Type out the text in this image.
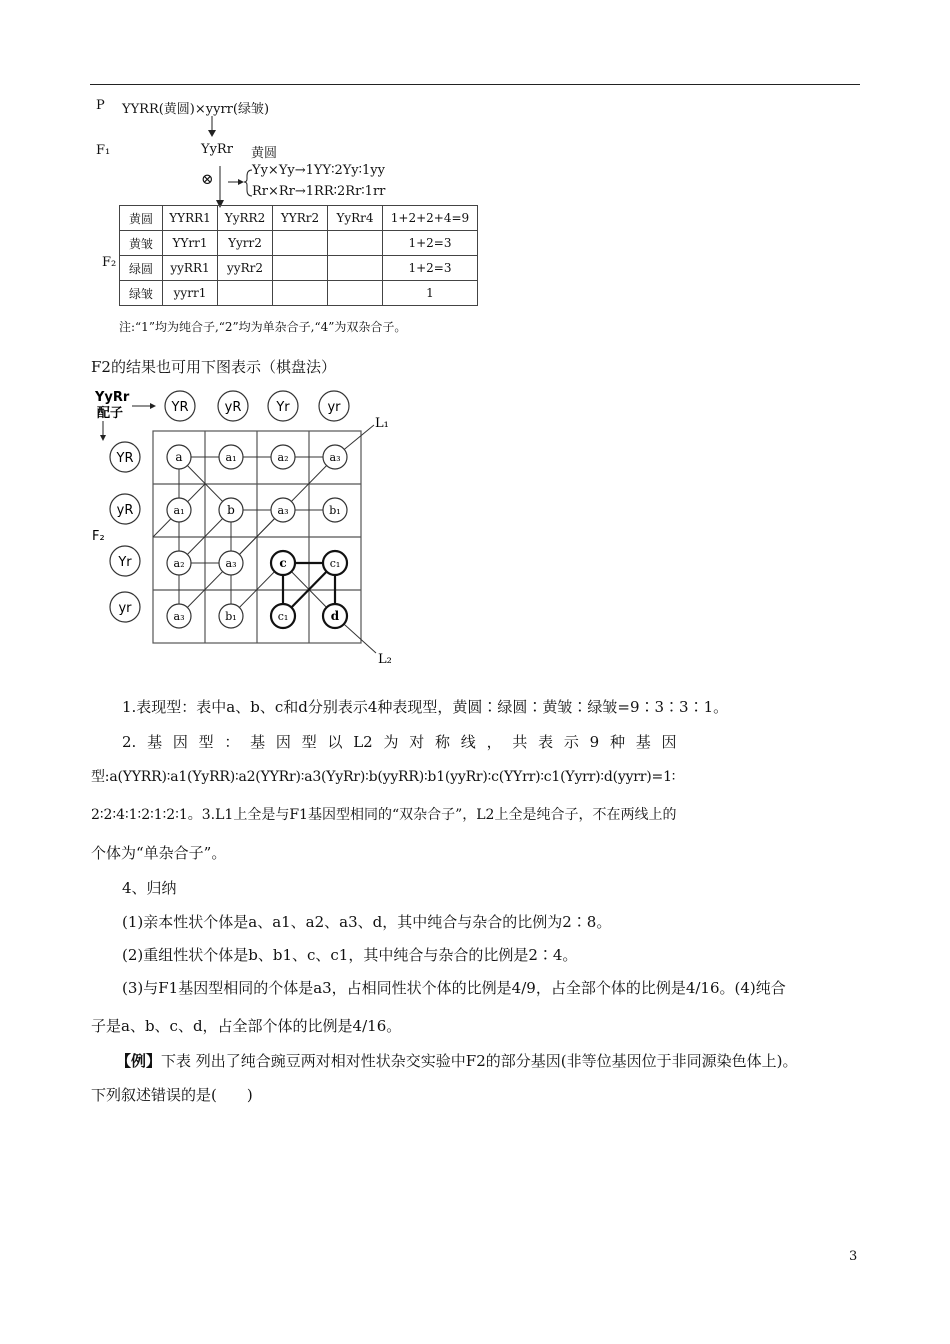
P YYRR(黄圆)×yyrr(绿皱)
F₁	YyRr 黄圆
⊗	Yy×Yy→1YY∶2Yy∶1yy
Rr×Rr→1RR∶2Rr∶1rr
F₂
黄圆	YYRR1	YyRR2	YYRr2	YyRr4	1+2+2+4=9
黄皱	YYrr1	Yyrr2			1+2=3
绿圆	yyRR1	yyRr2			1+2=3
绿皱	yyrr1				1
注:“1”均为纯合子,“2”均为单杂合子,“4”为双杂合子。
F2的结果也可用下图表示（棋盘法）
YyRr
配子	YR	yR	Yr	yr
YR
yR
Yr
yr
F₂
a	a₁	a₂	a₃
a₁	b	a₃	b₁
a₂	a₃	c	c₁
a₃	b₁	c₁	d
L₁
L₂
1.表现型：表中a、b、c和d分别表示4种表现型，黄圆∶绿圆∶黄皱∶绿皱=9∶3∶3∶1。
2. 基 因 型 ： 基 因 型 以 L2 为 对 称 线 ， 共 表 示 9 种 基 因
型:a(YYRR)∶a1(YyRR)∶a2(YYRr)∶a3(YyRr)∶b(yyRR)∶b1(yyRr)∶c(YYrr)∶c1(Yyrr)∶d(yyrr)=1∶
2∶2∶4∶1∶2∶1∶2∶1。3.L1上全是与F1基因型相同的“双杂合子”，L2上全是纯合子，不在两线上的
个体为“单杂合子”。
4、归纳
(1)亲本性状个体是a、a1、a2、a3、d，其中纯合与杂合的比例为2∶8。
(2)重组性状个体是b、b1、c、c1，其中纯合与杂合的比例是2∶4。
(3)与F1基因型相同的个体是a3，占相同性状个体的比例是4/9，占全部个体的比例是4/16。(4)纯合
子是a、b、c、d，占全部个体的比例是4/16。
【例】下表 列出了纯合豌豆两对相对性状杂交实验中F2的部分基因(非等位基因位于非同源染色体上)。
下列叙述错误的是(　　)
3
